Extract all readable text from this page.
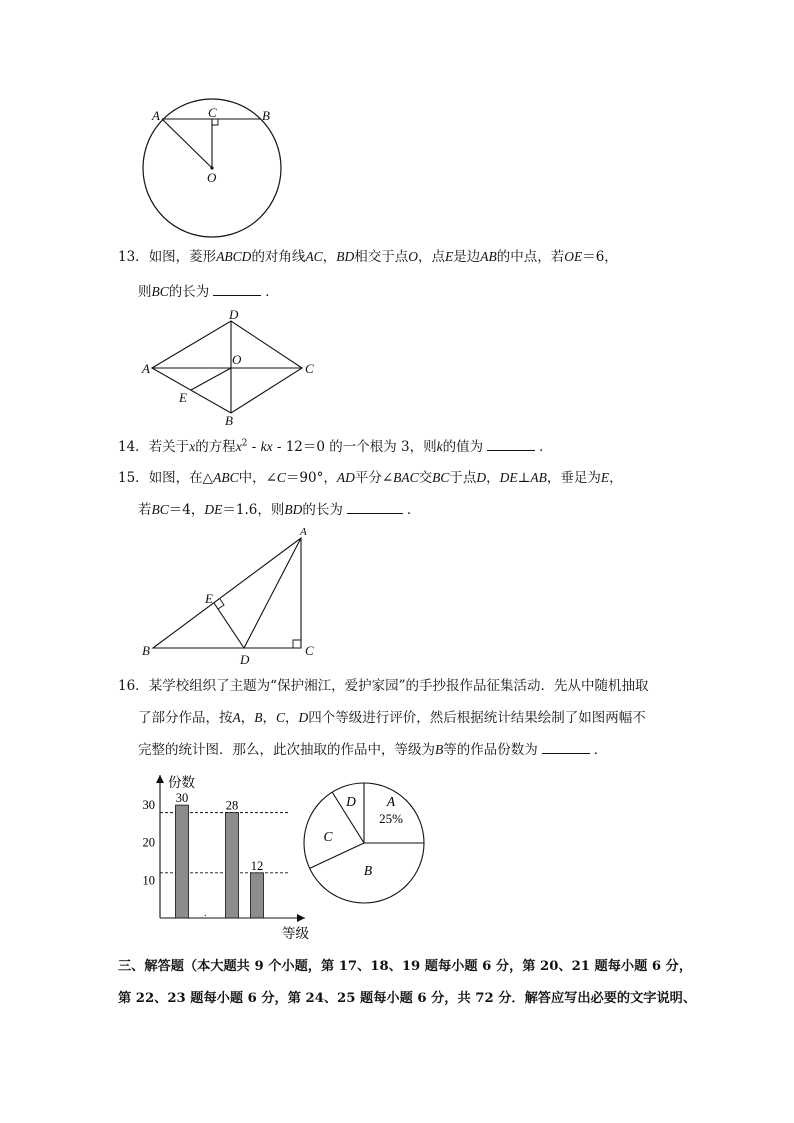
A	C	B
O
13．如图，菱形ABCD的对角线AC，BD相交于点O，点E是边AB的中点，若OE＝6，
则BC的长为	．
D
A
O
C
E
B
14．若关于x的方程$x^2$ - kx - 12＝0 的一个根为 3，则k的值为	．
15．如图，在△ABC中，∠C＝90°，AD平分∠BAC交BC于点D，DE⊥AB，垂足为E，
若BC＝4，DE＝1.6，则BD的长为	．
A
E
B
D
C
16．某学校组织了主题为“保护湘江，爱护家园”的手抄报作品征集活动．先从中随机抽取
了部分作品，按A，B，C，D四个等级进行评价，然后根据统计结果绘制了如图两幅不
完整的统计图．那么，此次抽取的作品中，等级为B等的作品份数为	．
份数
等级
10
20
30 30
.
28
12
A
25%
B
C
D
三、解答题（本大题共 9 个小题，第 17、18、19 题每小题 6 分，第 20、21 题每小题 6 分，
第 22、23 题每小题 6 分，第 24、25 题每小题 6 分，共 72 分．解答应写出必要的文字说明、
